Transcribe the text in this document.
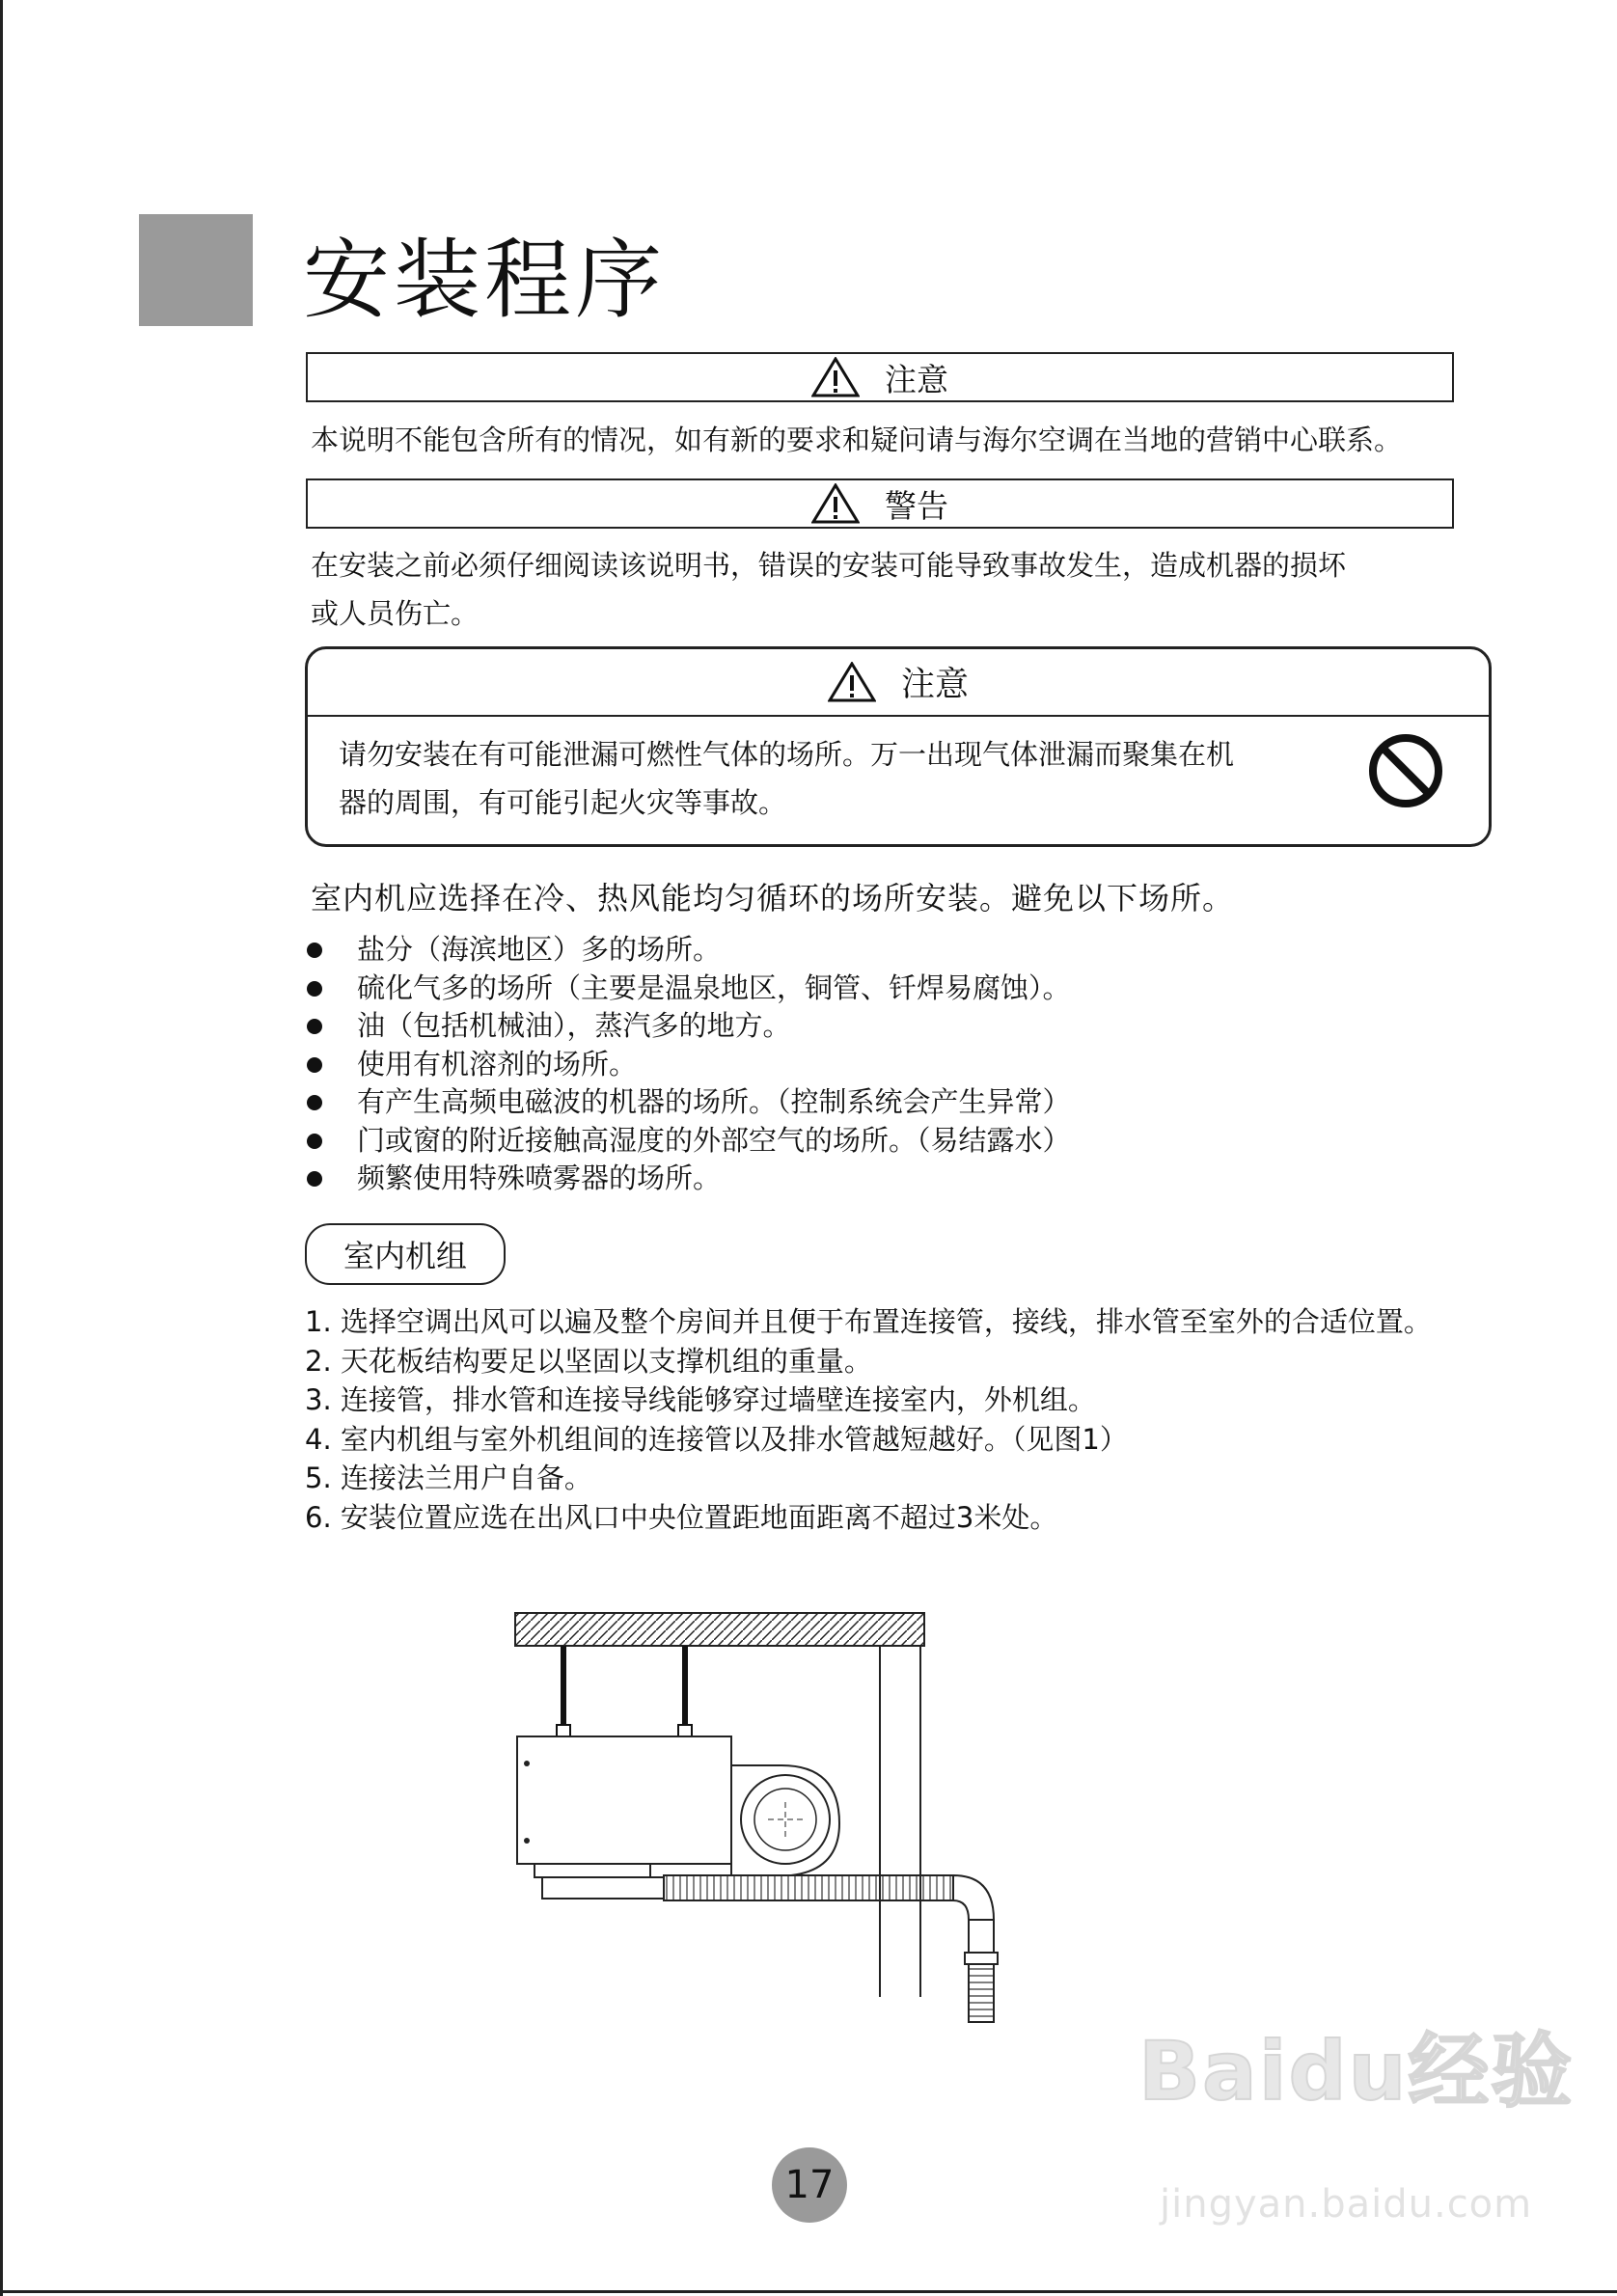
安装程序
注意
本说明不能包含所有的情况，如有新的要求和疑问请与海尔空调在当地的营销中心联系。
警告
在安装之前必须仔细阅读该说明书，错误的安装可能导致事故发生，造成机器的损坏
或人员伤亡。
注意
请勿安装在有可能泄漏可燃性气体的场所。万一出现气体泄漏而聚集在机
器的周围，有可能引起火灾等事故。
室内机应选择在冷、热风能均匀循环的场所安装。避免以下场所。
盐分（海滨地区）多的场所。
硫化气多的场所（主要是温泉地区，铜管、钎焊易腐蚀）。
油（包括机械油），蒸汽多的地方。
使用有机溶剂的场所。
有产生高频电磁波的机器的场所。（控制系统会产生异常）
门或窗的附近接触高湿度的外部空气的场所。（易结露水）
频繁使用特殊喷雾器的场所。
室内机组
1. 选择空调出风可以遍及整个房间并且便于布置连接管，接线，排水管至室外的合适位置。
2. 天花板结构要足以坚固以支撑机组的重量。
3. 连接管，排水管和连接导线能够穿过墙壁连接室内，外机组。
4. 室内机组与室外机组间的连接管以及排水管越短越好。（见图1）
5. 连接法兰用户自备。
6. 安装位置应选在出风口中央位置距地面距离不超过3米处。
17
Baidu经验
jingyan.baidu.com
